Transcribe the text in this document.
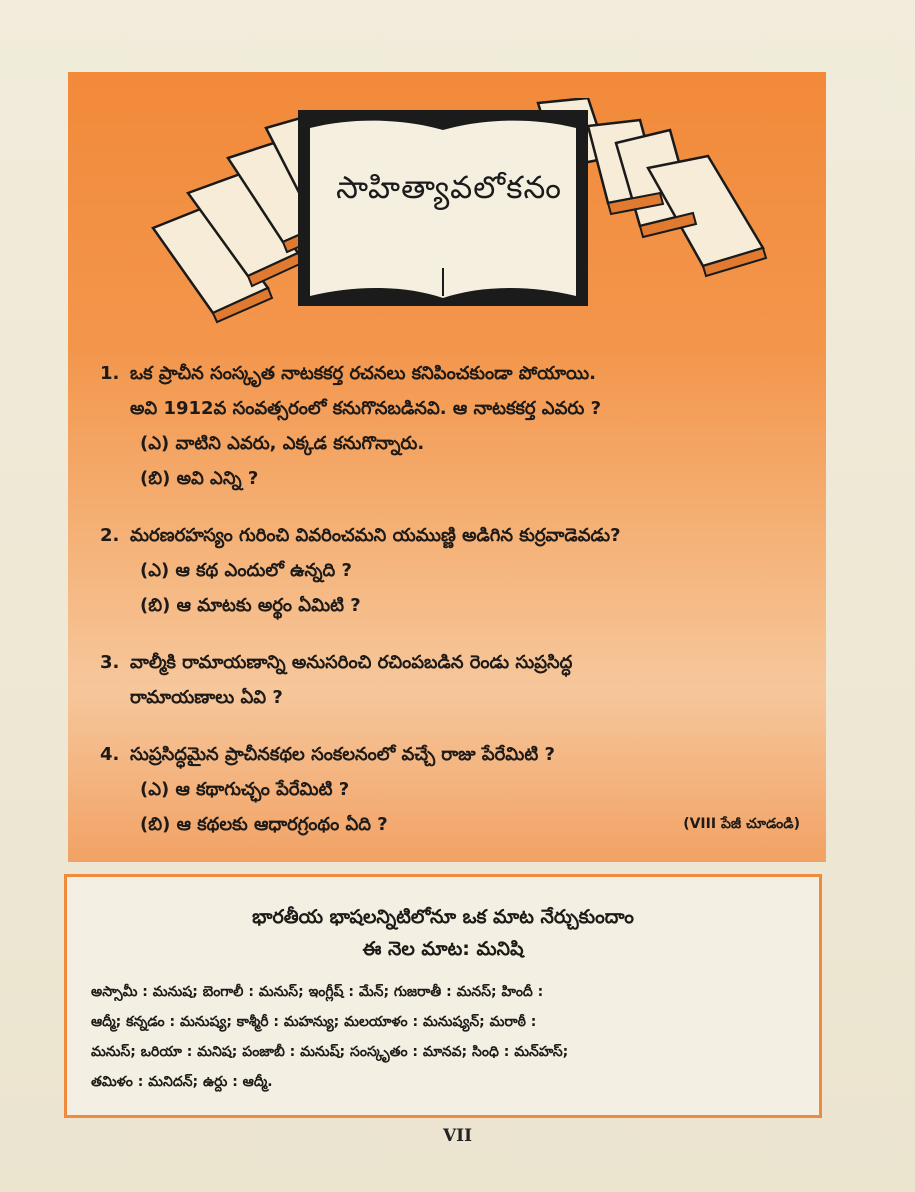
సాహిత్యావలోకనం
1. ఒక ప్రాచీన సంస్కృత నాటకకర్త రచనలు కనిపించకుండా పోయాయి.
అవి 1912వ సంవత్సరంలో కనుగొనబడినవి. ఆ నాటకకర్త ఎవరు ?
(ఎ) వాటిని ఎవరు, ఎక్కడ కనుగొన్నారు.
(బి) అవి ఎన్ని ?
2. మరణరహస్యం గురించి వివరించమని యముణ్ణి అడిగిన కుర్రవాడెవడు?
(ఎ) ఆ కథ ఎందులో ఉన్నది ?
(బి) ఆ మాటకు అర్థం ఏమిటి ?
3. వాల్మీకి రామాయణాన్ని అనుసరించి రచింపబడిన రెండు సుప్రసిద్ధ
రామాయణాలు ఏవి ?
4. సుప్రసిద్ధమైన ప్రాచీనకథల సంకలనంలో వచ్చే రాజు పేరేమిటి ?
(ఎ) ఆ కథాగుచ్ఛం పేరేమిటి ?
(బి) ఆ కథలకు ఆధారగ్రంథం ఏది ?	(VIII పేజీ చూడండి)
భారతీయ భాషలన్నిటిలోనూ ఒక మాట నేర్చుకుందాం
ఈ నెల మాట: మనిషి
అస్సామీ : మనుష; బెంగాలీ : మనుస్; ఇంగ్లీష్ : మేన్; గుజరాతీ : మనస్; హిందీ :
ఆద్మీ; కన్నడం : మనుష్య; కాశ్మీరీ : మహన్యు; మలయాళం : మనుష్యన్; మరాఠీ :
మనుస్; ఒరియా : మనిష; పంజాబీ : మనుష్; సంస్కృతం : మానవ; సింధి : మన్‌హస్;
తమిళం : మనిదన్; ఉర్దు : ఆద్మీ.
VII
